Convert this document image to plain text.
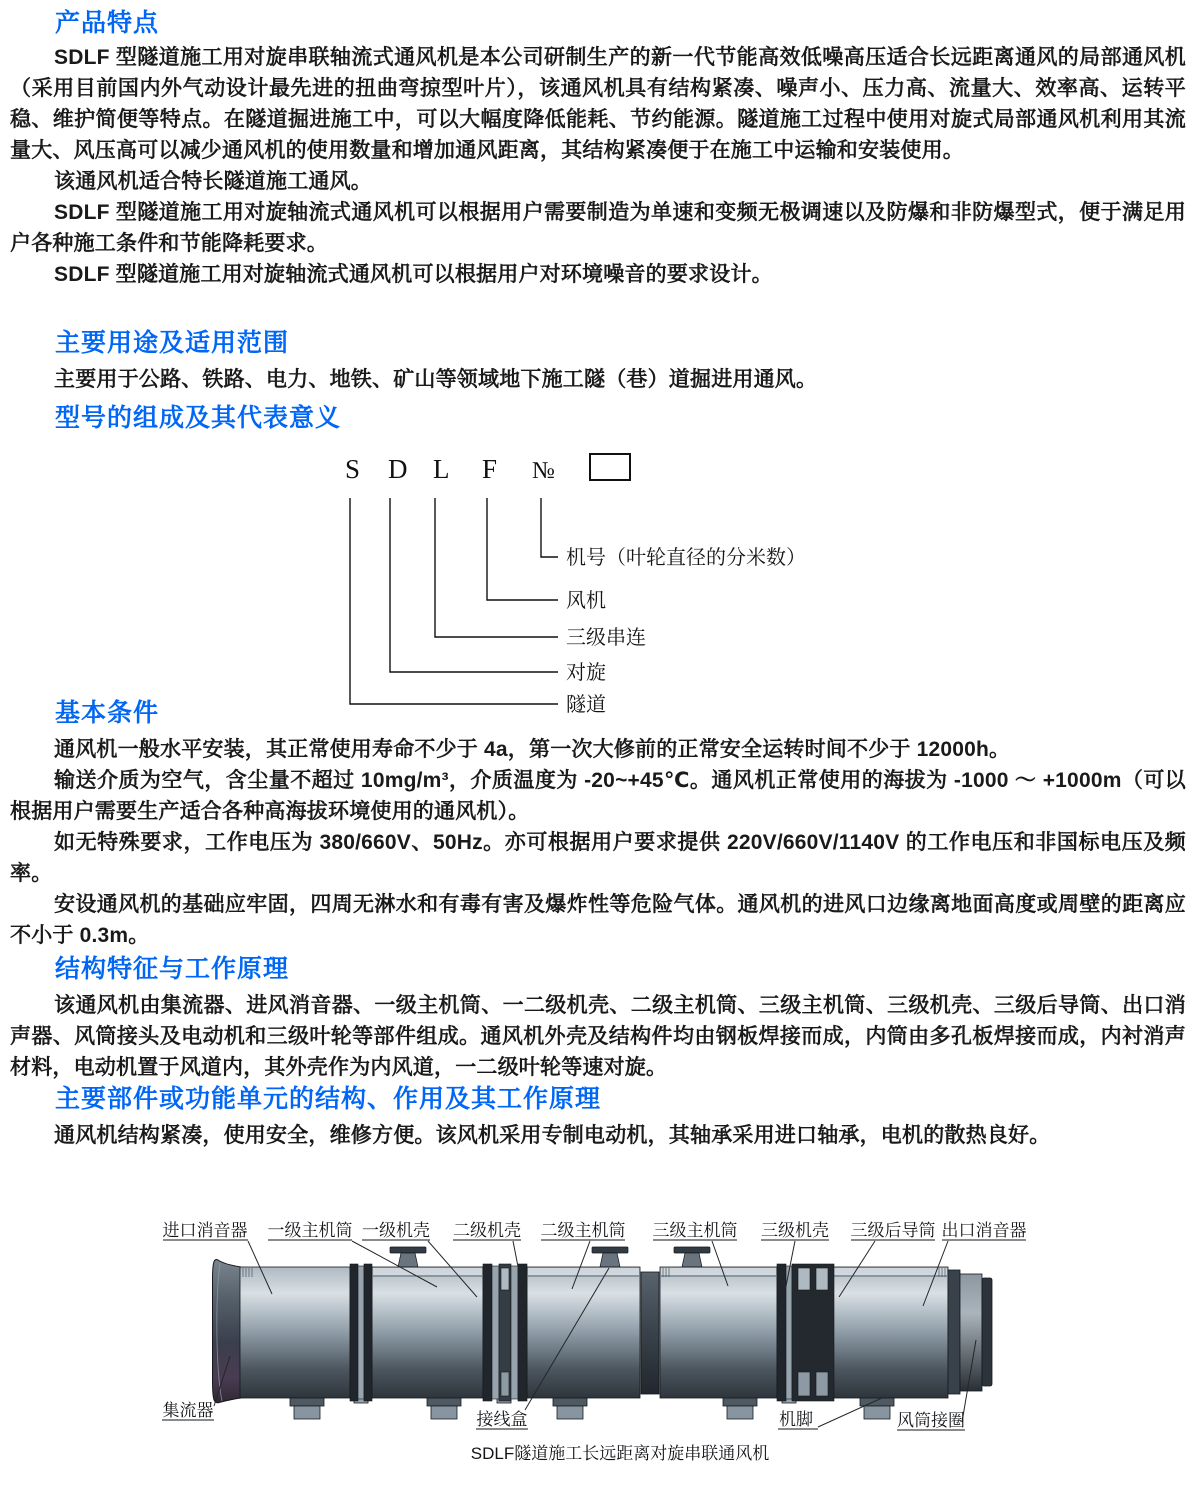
产品特点

SDLF 型隧道施工用对旋串联轴流式通风机是本公司研制生产的新一代节能高效低噪高压适合长远距离通风的局部通风机（采用目前国内外气动设计最先进的扭曲弯掠型叶片），该通风机具有结构紧凑、噪声小、压力高、流量大、效率高、运转平稳、维护简便等特点。在隧道掘进施工中，可以大幅度降低能耗、节约能源。隧道施工过程中使用对旋式局部通风机利用其流量大、风压高可以减少通风机的使用数量和增加通风距离，其结构紧凑便于在施工中运输和安装使用。

该通风机适合特长隧道施工通风。

SDLF 型隧道施工用对旋轴流式通风机可以根据用户需要制造为单速和变频无极调速以及防爆和非防爆型式，便于满足用户各种施工条件和节能降耗要求。

SDLF 型隧道施工用对旋轴流式通风机可以根据用户对环境噪音的要求设计。

主要用途及适用范围

主要用于公路、铁路、电力、地铁、矿山等领域地下施工隧（巷）道掘进用通风。

型号的组成及其代表意义
S D L F №
机号（叶轮直径的分米数）
风机
三级串连
对旋
隧道
基本条件

通风机一般水平安装，其正常使用寿命不少于 4a，第一次大修前的正常安全运转时间不少于 12000h。

输送介质为空气，含尘量不超过 10mg/m³，介质温度为 -20~+45℃。通风机正常使用的海拔为 -1000 ～ +1000m（可以根据用户需要生产适合各种高海拔环境使用的通风机）。

如无特殊要求，工作电压为 380/660V、50Hz。亦可根据用户要求提供 220V/660V/1140V 的工作电压和非国标电压及频率。

安设通风机的基础应牢固，四周无淋水和有毒有害及爆炸性等危险气体。通风机的进风口边缘离地面高度或周壁的距离应不小于 0.3m。

结构特征与工作原理

该通风机由集流器、进风消音器、一级主机筒、一二级机壳、二级主机筒、三级主机筒、三级机壳、三级后导筒、出口消声器、风筒接头及电动机和三级叶轮等部件组成。通风机外壳及结构件均由钢板焊接而成，内筒由多孔板焊接而成，内衬消声材料，电动机置于风道内，其外壳作为内风道，一二级叶轮等速对旋。

主要部件或功能单元的结构、作用及其工作原理

通风机结构紧凑，使用安全，维修方便。该风机采用专制电动机，其轴承采用进口轴承，电机的散热良好。

进口消音器 一级主机筒 一级机壳 二级机壳 二级主机筒 三级主机筒 三级机壳 三级后导筒 出口消音器
集流器	接线盒	机脚	风筒接圈
SDLF隧道施工长远距离对旋串联通风机
